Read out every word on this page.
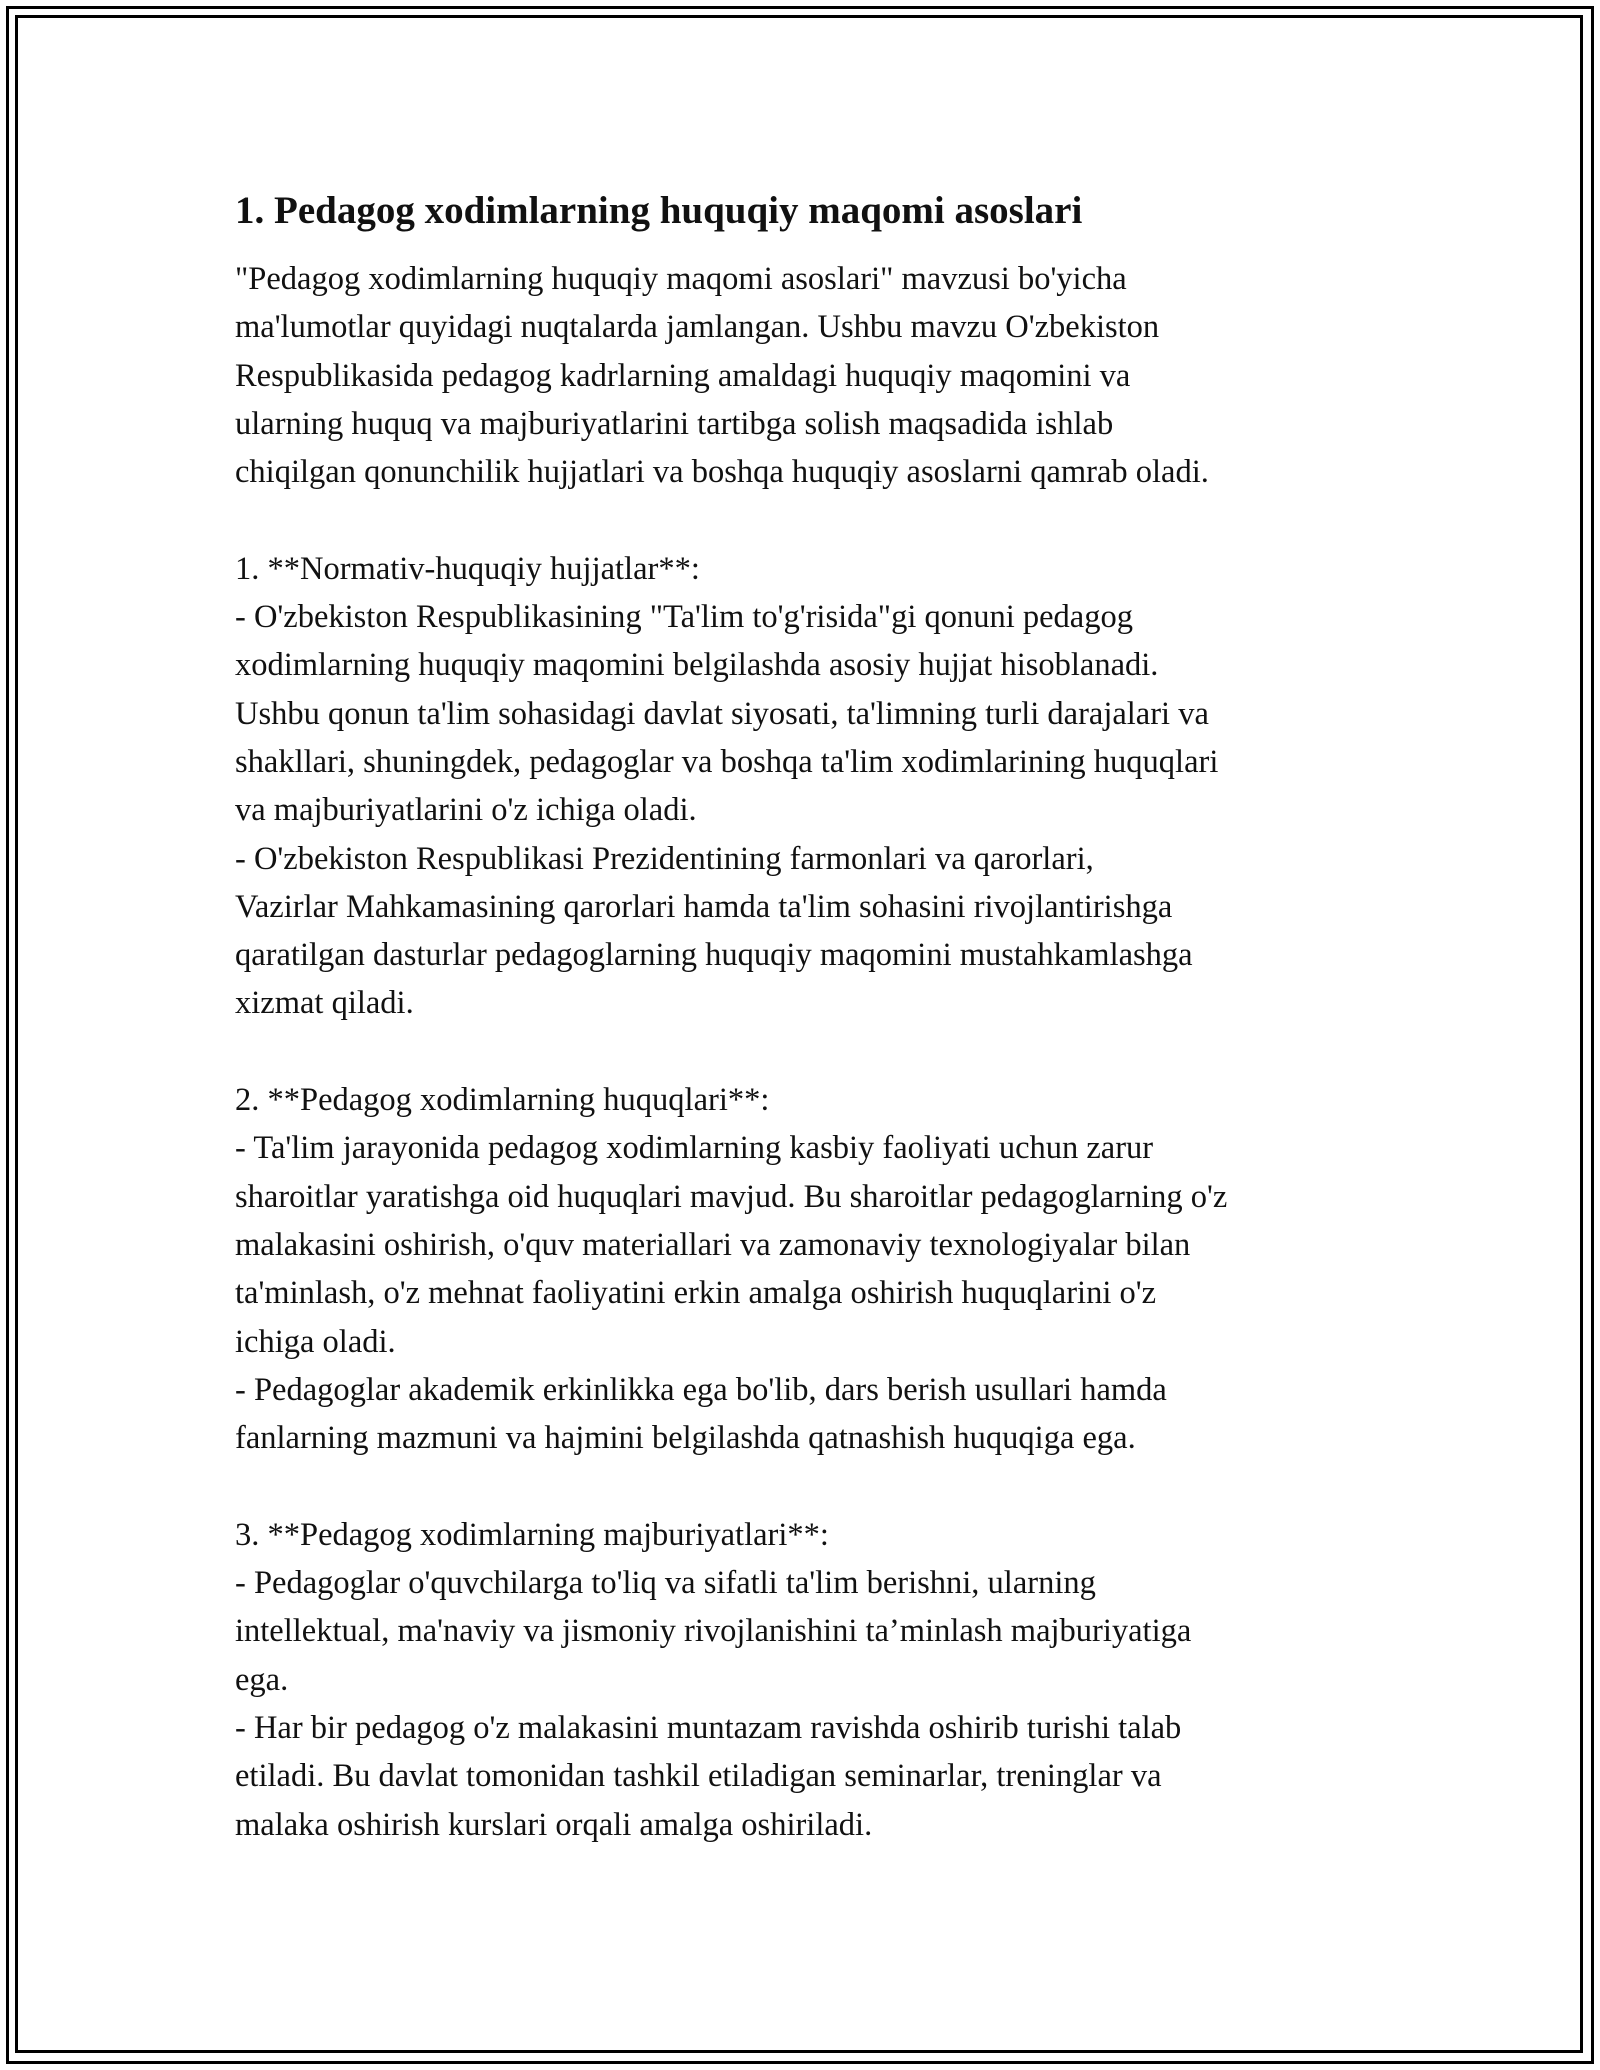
1. Pedagog xodimlarning huquqiy maqomi asoslari

"Pedagog xodimlarning huquqiy maqomi asoslari" mavzusi bo'yicha
ma'lumotlar quyidagi nuqtalarda jamlangan. Ushbu mavzu O'zbekiston
Respublikasida pedagog kadrlarning amaldagi huquqiy maqomini va
ularning huquq va majburiyatlarini tartibga solish maqsadida ishlab
chiqilgan qonunchilik hujjatlari va boshqa huquqiy asoslarni qamrab oladi.

1. **Normativ-huquqiy hujjatlar**:
- O'zbekiston Respublikasining "Ta'lim to'g'risida"gi qonuni pedagog
xodimlarning huquqiy maqomini belgilashda asosiy hujjat hisoblanadi.
Ushbu qonun ta'lim sohasidagi davlat siyosati, ta'limning turli darajalari va
shakllari, shuningdek, pedagoglar va boshqa ta'lim xodimlarining huquqlari
va majburiyatlarini o'z ichiga oladi.
- O'zbekiston Respublikasi Prezidentining farmonlari va qarorlari,
Vazirlar Mahkamasining qarorlari hamda ta'lim sohasini rivojlantirishga
qaratilgan dasturlar pedagoglarning huquqiy maqomini mustahkamlashga
xizmat qiladi.

2. **Pedagog xodimlarning huquqlari**:
- Ta'lim jarayonida pedagog xodimlarning kasbiy faoliyati uchun zarur
sharoitlar yaratishga oid huquqlari mavjud. Bu sharoitlar pedagoglarning o'z
malakasini oshirish, o'quv materiallari va zamonaviy texnologiyalar bilan
ta'minlash, o'z mehnat faoliyatini erkin amalga oshirish huquqlarini o'z
ichiga oladi.
- Pedagoglar akademik erkinlikka ega bo'lib, dars berish usullari hamda
fanlarning mazmuni va hajmini belgilashda qatnashish huquqiga ega.

3. **Pedagog xodimlarning majburiyatlari**:
- Pedagoglar o'quvchilarga to'liq va sifatli ta'lim berishni, ularning
intellektual, ma'naviy va jismoniy rivojlanishini ta’minlash majburiyatiga
ega.
- Har bir pedagog o'z malakasini muntazam ravishda oshirib turishi talab
etiladi. Bu davlat tomonidan tashkil etiladigan seminarlar, treninglar va
malaka oshirish kurslari orqali amalga oshiriladi.
